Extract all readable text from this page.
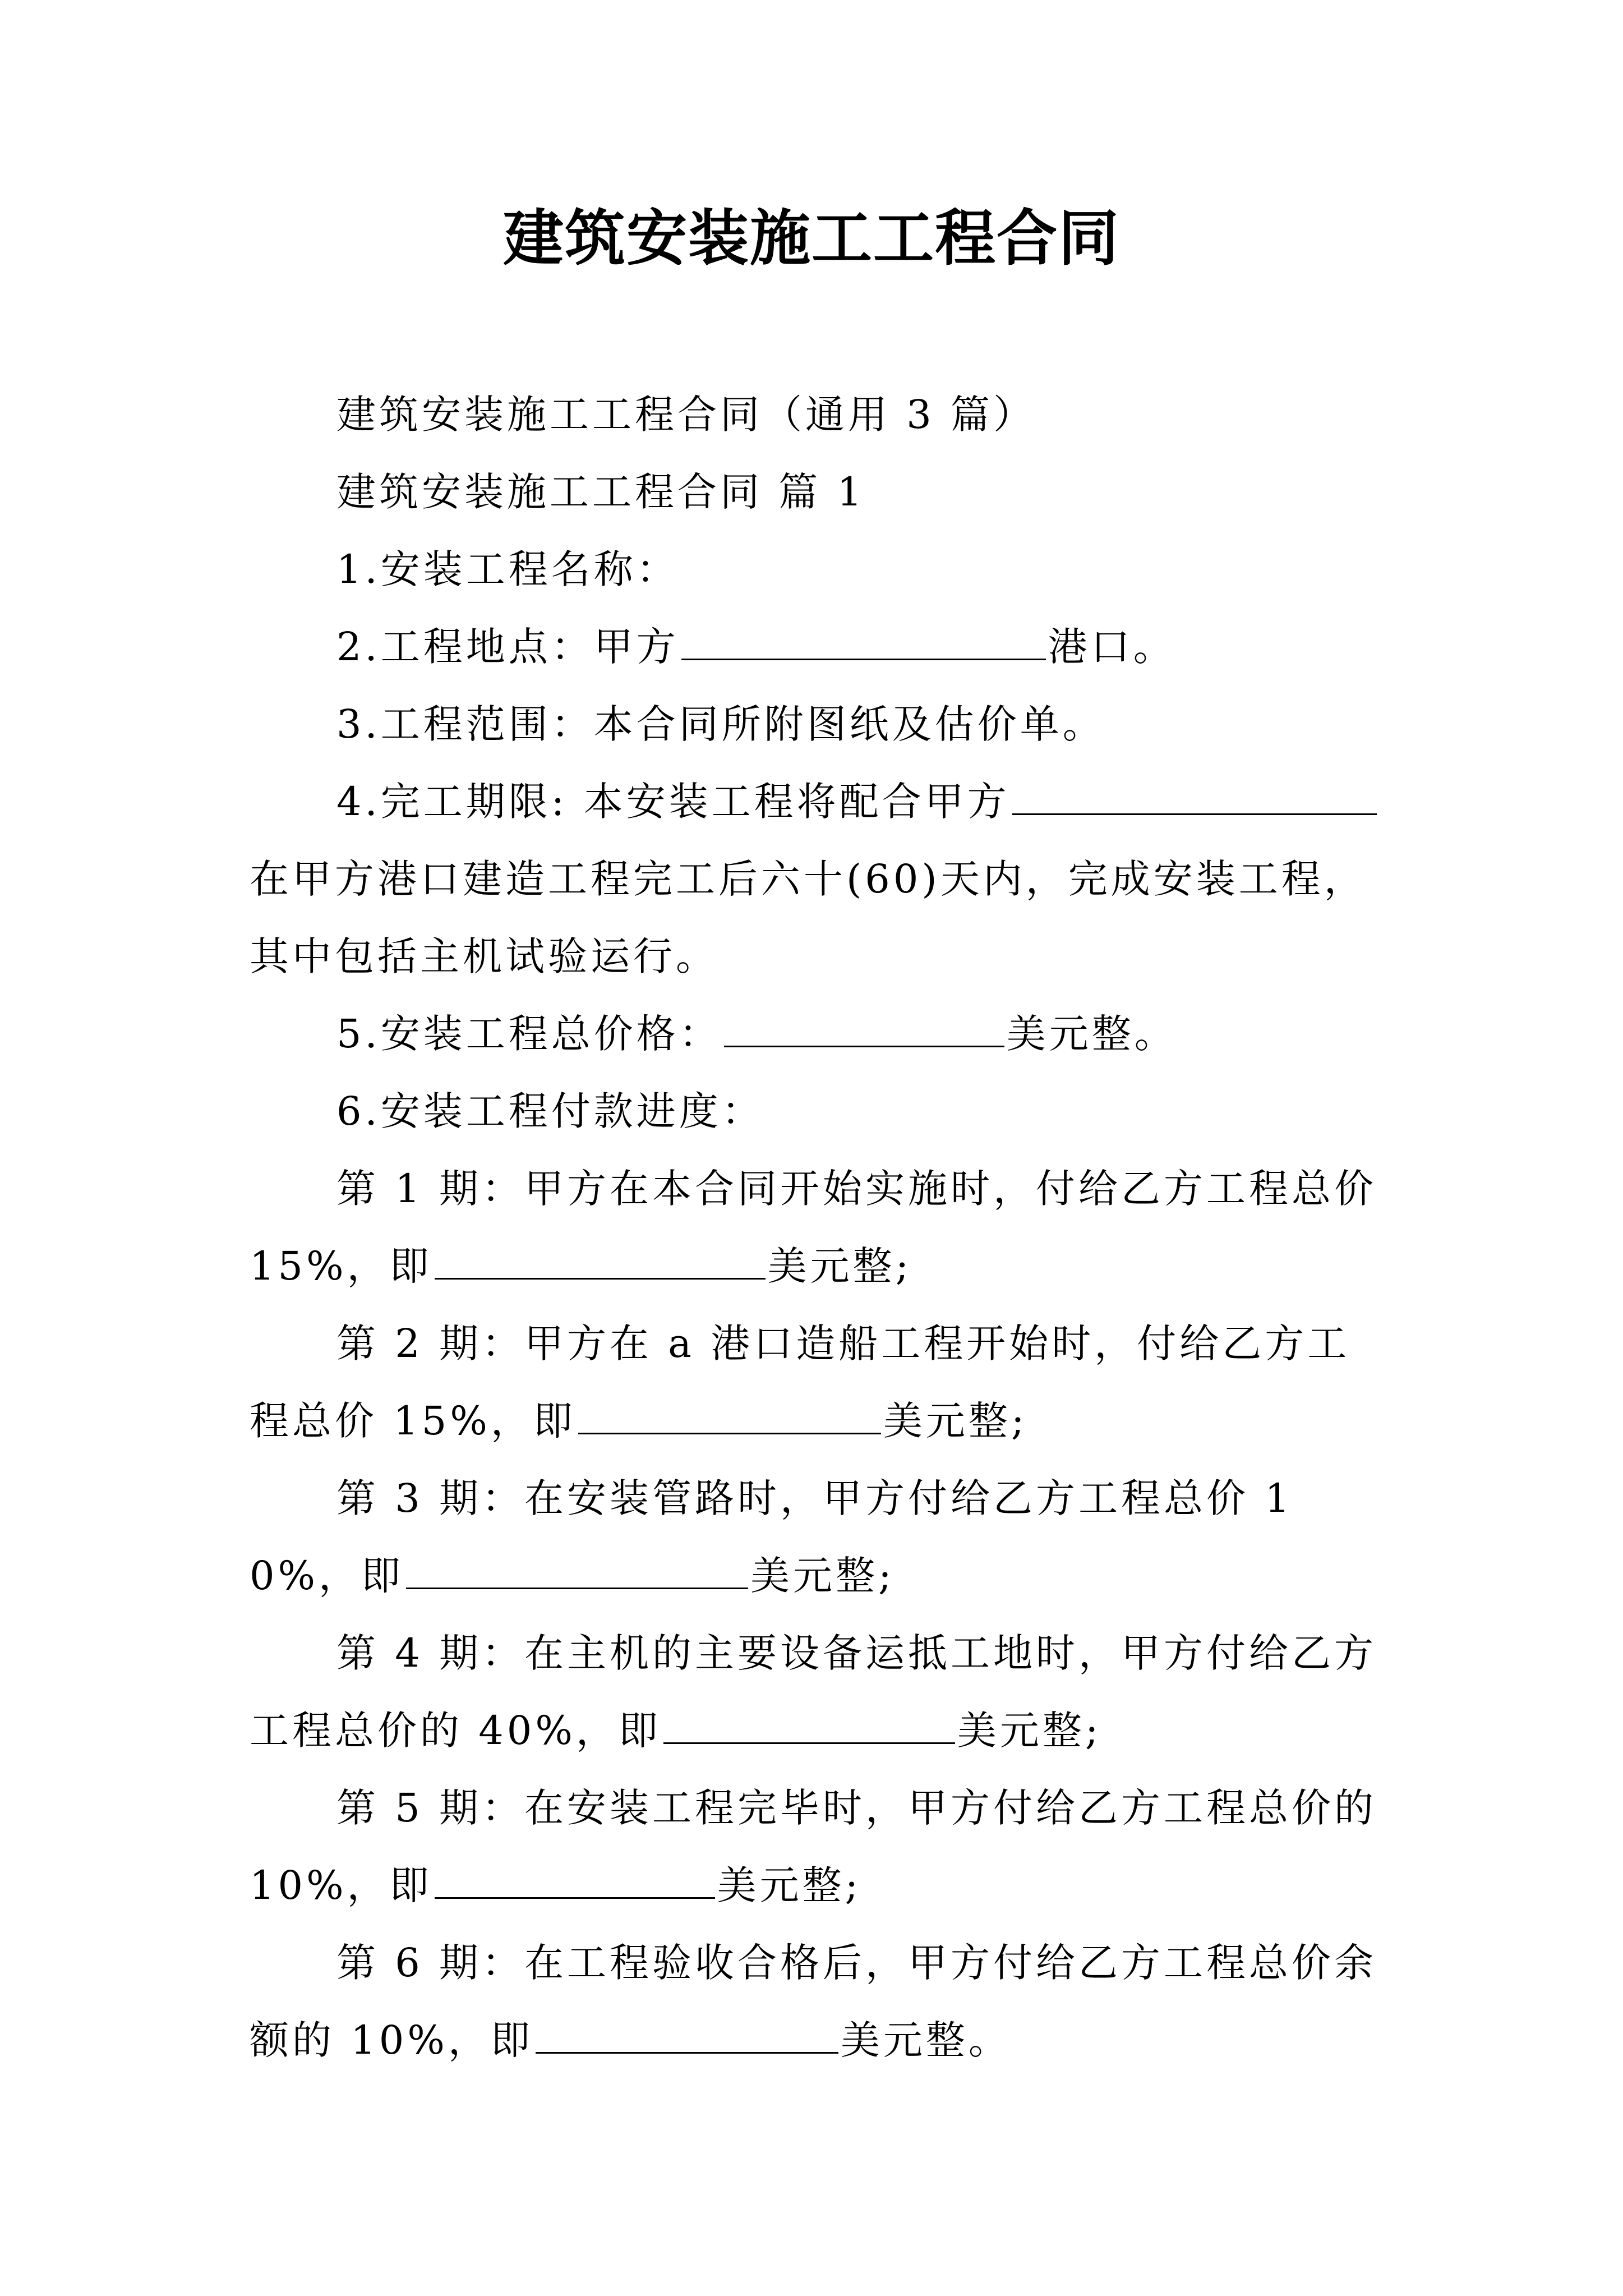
建筑安装施工工程合同

建筑安装施工工程合同（通用 3 篇）

建筑安装施工工程合同 篇 1

1.安装工程名称：

2.工程地点：甲方	港口。

3.工程范围：本合同所附图纸及估价单。

4.完工期限: 本安装工程将配合甲方在甲方港口建造工程完工后六十(60)天内，完成安装工程，其中包括主机试验运行。

5.安装工程总价格：	美元整。

6.安装工程付款进度：

第 1 期：甲方在本合同开始实施时，付给乙方工程总价 15%，即	美元整;

第 2 期：甲方在 a 港口造船工程开始时，付给乙方工程总价 15%，即	美元整;

第 3 期：在安装管路时，甲方付给乙方工程总价 10%，即	美元整;

第 4 期：在主机的主要设备运抵工地时，甲方付给乙方工程总价的 40%，即	美元整;

第 5 期：在安装工程完毕时，甲方付给乙方工程总价的 10%，即	美元整;

第 6 期：在工程验收合格后，甲方付给乙方工程总价余额的 10%，即	美元整。
